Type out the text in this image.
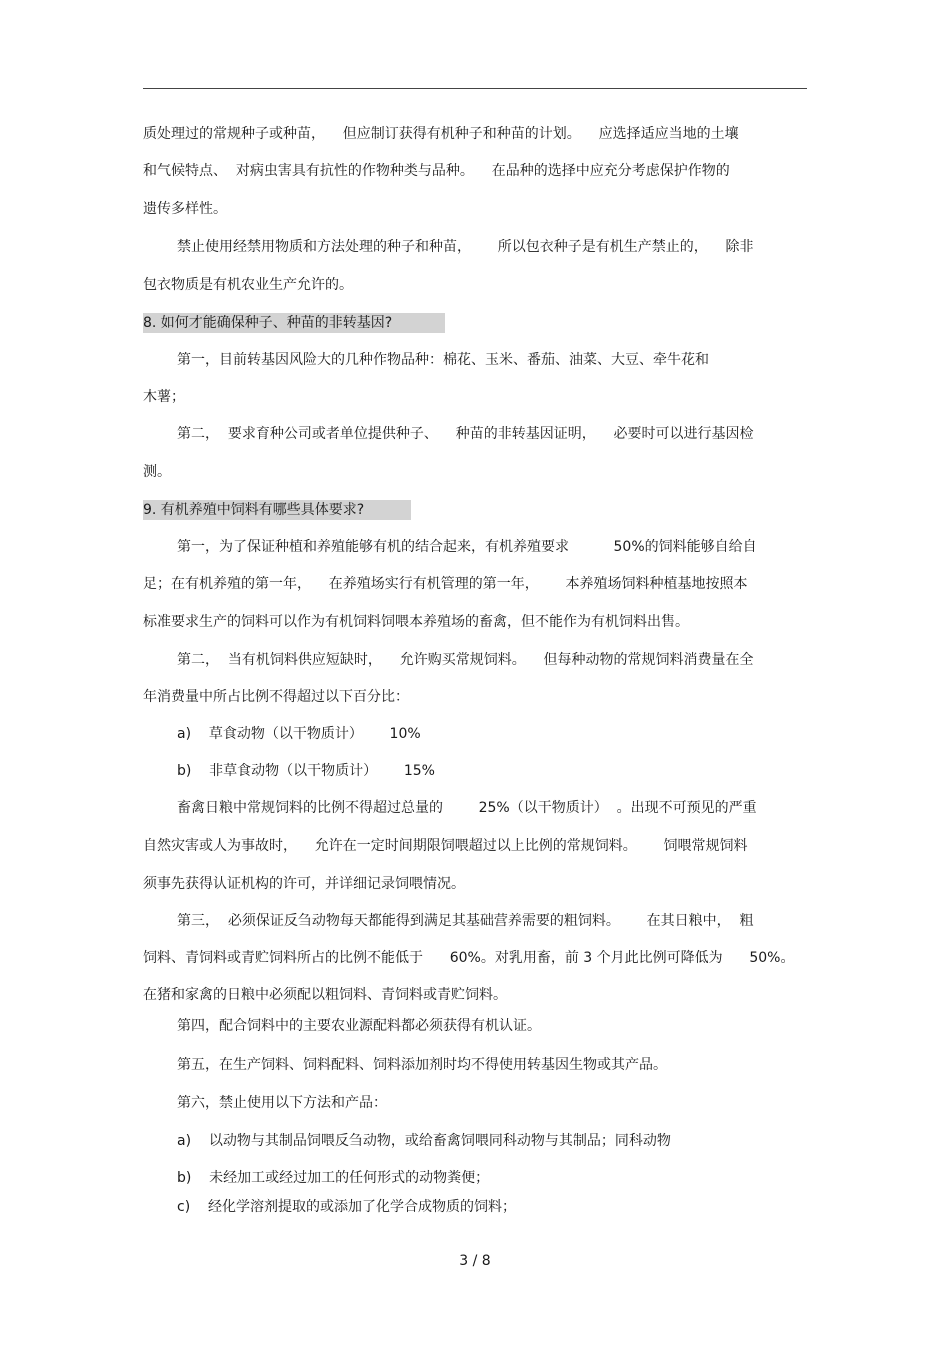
质处理过的常规种子或种苗，    但应制订获得有机种子和种苗的计划。    应选择适应当地的土壤
和气候特点、  对病虫害具有抗性的作物种类与品种。    在品种的选择中应充分考虑保护作物的
遗传多样性。
禁止使用经禁用物质和方法处理的种子和种苗，      所以包衣种子是有机生产禁止的，    除非
包衣物质是有机农业生产允许的。
8. 如何才能确保种子、种苗的非转基因?
第一，目前转基因风险大的几种作物品种：棉花、玉米、番茄、油菜、大豆、牵牛花和
木薯；
第二，  要求育种公司或者单位提供种子、    种苗的非转基因证明，    必要时可以进行基因检
测。
9. 有机养殖中饲料有哪些具体要求?
第一，为了保证种植和养殖能够有机的结合起来，有机养殖要求          50%的饲料能够自给自
足；在有机养殖的第一年，    在养殖场实行有机管理的第一年，      本养殖场饲料种植基地按照本
标准要求生产的饲料可以作为有机饲料饲喂本养殖场的畜禽，但不能作为有机饲料出售。
第二，  当有机饲料供应短缺时，    允许购买常规饲料。    但每种动物的常规饲料消费量在全
年消费量中所占比例不得超过以下百分比：
a)    草食动物（以干物质计）      10%
b)    非草食动物（以干物质计）      15%
畜禽日粮中常规饲料的比例不得超过总量的        25%（以干物质计）  。出现不可预见的严重
自然灾害或人为事故时，    允许在一定时间期限饲喂超过以上比例的常规饲料。      饲喂常规饲料
须事先获得认证机构的许可，并详细记录饲喂情况。
第三，  必须保证反刍动物每天都能得到满足其基础营养需要的粗饲料。      在其日粮中，  粗
饲料、青饲料或青贮饲料所占的比例不能低于      60%。对乳用畜，前 3 个月此比例可降低为      50%。
在猪和家禽的日粮中必须配以粗饲料、青饲料或青贮饲料。
第四，配合饲料中的主要农业源配料都必须获得有机认证。
第五，在生产饲料、饲料配料、饲料添加剂时均不得使用转基因生物或其产品。
第六，禁止使用以下方法和产品：
a)    以动物与其制品饲喂反刍动物，或给畜禽饲喂同科动物与其制品；同科动物
b)    未经加工或经过加工的任何形式的动物粪便；
c)    经化学溶剂提取的或添加了化学合成物质的饲料；
3 / 8
